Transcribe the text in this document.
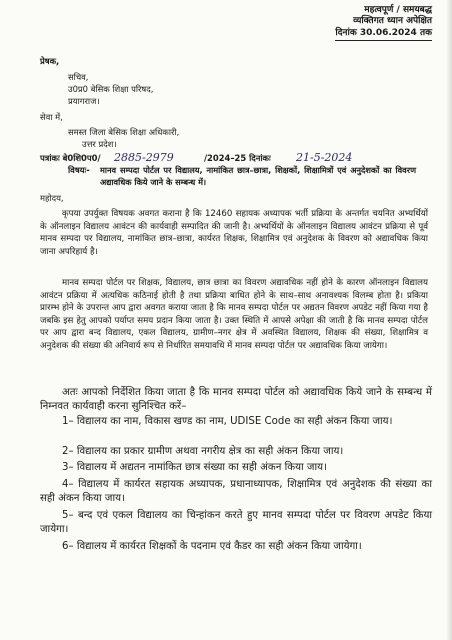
महत्वपूर्ण / समयबद्ध
व्यक्तिगत ध्यान अपेक्षित
दिनांक 30.06.2024 तक
प्रेषक,
सचिव,
उ0प्र0 बेसिक शिक्षा परिषद,
प्रयागराज।
सेवा में,
समस्त जिला बेसिक शिक्षा अधिकारी,
उत्तर प्रदेश।
पत्रांकः बे0शि0प0/ 2885-2979	/2024–25 दिनांकः 21-5-2024
विषयः- मानव सम्पदा पोर्टल पर विद्यालय, नामांकित छात्र–छात्रा, शिक्षकों, शिक्षामित्रों एवं अनुदेशकों का विवरण अद्यावधिक किये जाने के सम्बन्ध में।
महोदय,
कृपया उपर्युक्त विषयक अवगत कराना है कि 12460 सहायक अध्यापक भर्ती प्रक्रिया के अन्तर्गत चयनित अभ्यर्थियों के ऑनलाइन विद्यालय आवंटन की कार्यवाही सम्पादित की जानी है। अभ्यर्थियों के ऑनलाइन विद्यालय आवंटन प्रक्रिया से पूर्व मानव सम्पदा पर विद्यालय, नामांकित छात्र–छात्रा, कार्यरत शिक्षक, शिक्षामित्र एवं अनुदेशक के विवरण को अद्यावधिक किया जाना अपरिहार्य है।
मानव सम्पदा पोर्टल पर शिक्षक, विद्यालय, छात्र छात्रा का विवरण अद्यावधिक नहीं होने के कारण ऑनलाइन विद्यालय आवंटन प्रक्रिया में अत्यधिक कठिनाई होती है तथा प्रक्रिया बाधित होने के साथ–साथ अनावश्यक विलम्ब होता है। प्रकिया प्रारम्भ होने के उपरान्त आप द्वारा अवगत कराया जाता है कि मानव सम्पदा पोर्टल पर अद्यतन विवरण अपडेट नहीं किया गया है जबकि इस हेतु आपको पर्याप्त समय प्रदान किया जाता है। उक्त स्थिति में आपसे अपेक्षा की जाती है कि मानव सम्पदा पोर्टल पर आप द्वारा बन्द विद्यालय, एकल विद्यालय, ग्रामीण–नगर क्षेत्र में अवस्थित विद्यालय, शिक्षक की संख्या, शिक्षामित्र व अनुदेशक की संख्या की अनिवार्य रूप से निर्धारित समयावधि में मानव सम्पदा पोर्टल पर अद्यावधिक किया जायेगा।
अतः आपको निर्देशित किया जाता है कि मानव सम्पदा पोर्टल को अद्यावधिक किये जाने के सम्बन्ध में निम्नवत कार्यवाही करना सुनिश्चित करें–
1– विद्यालय का नाम, विकास खण्ड का नाम, UDISE Code का सही अंकन किया जाय।
2– विद्यालय का प्रकार ग्रामीण अथवा नगरीय क्षेत्र का सही अंकन किया जाय।
3– विद्यालय में अद्यतन नामांकित छात्र संख्या का सही अंकन किया जाय।
4– विद्यालय में कार्यरत सहायक अध्यापक, प्रधानाध्यापक, शिक्षामित्र एवं अनुदेशक की संख्या का सही अंकन किया जाय।
5– बन्द एवं एकल विद्यालय का चिन्हांकन करते हुए मानव सम्पदा पोर्टल पर विवरण अपडेट किया जायेगा।
6– विद्यालय में कार्यरत शिक्षकों के पदनाम एवं कैडर का सही अंकन किया जायेगा।
